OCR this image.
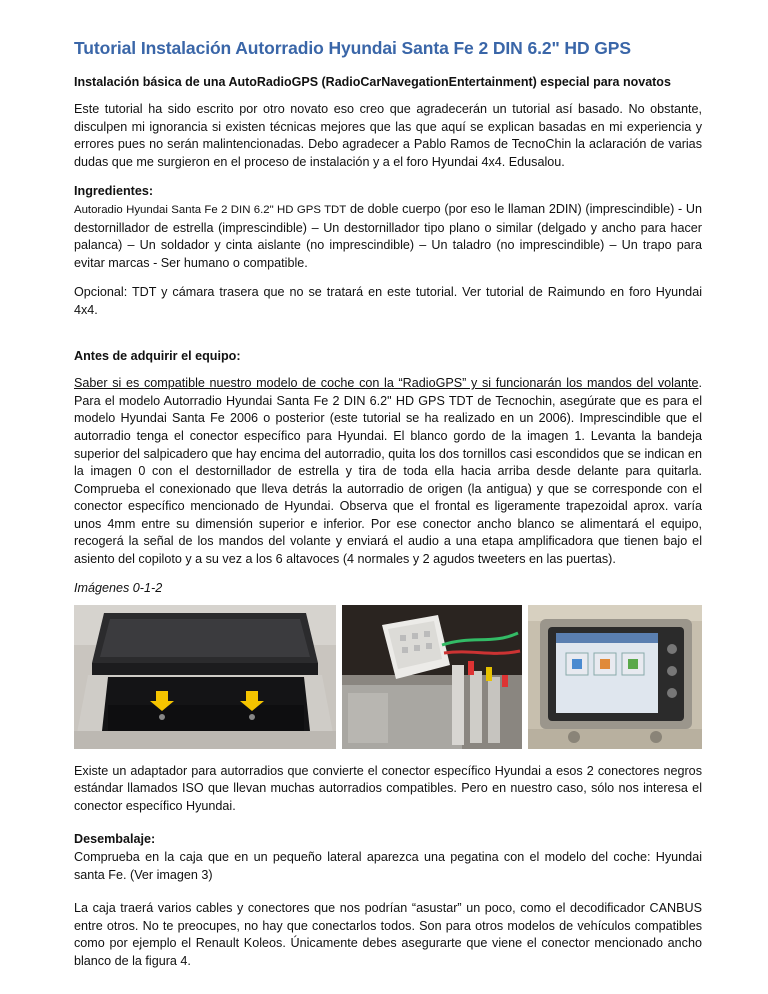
Tutorial Instalación Autorradio Hyundai Santa Fe 2 DIN 6.2" HD GPS
Instalación básica de una AutoRadioGPS (RadioCarNavegationEntertainment) especial para novatos

Este tutorial ha sido escrito por otro novato eso creo que agradecerán un tutorial así basado. No obstante, disculpen mi ignorancia si existen técnicas mejores que las que aquí se explican basadas en mi experiencia y errores pues no serán malintencionadas. Debo agradecer a Pablo Ramos de TecnoChin la aclaración de varias dudas que me surgieron en el proceso de instalación y a el foro Hyundai 4x4. Edusalou.

Ingredientes:

Autoradio Hyundai Santa Fe 2 DIN 6.2" HD GPS TDT de doble cuerpo (por eso le llaman 2DIN) (imprescindible) - Un destornillador de estrella (imprescindible) – Un destornillador tipo plano o similar (delgado y ancho para hacer palanca) – Un soldador y cinta aislante (no imprescindible) – Un taladro (no imprescindible) – Un trapo para evitar marcas - Ser humano o compatible.

Opcional: TDT y cámara trasera que no se tratará en este tutorial. Ver tutorial de Raimundo en foro Hyundai 4x4.

Antes de adquirir el equipo:

Saber si es compatible nuestro modelo de coche con la “RadioGPS” y si funcionarán los mandos del volante. Para el modelo Autorradio Hyundai Santa Fe 2 DIN 6.2" HD GPS TDT de Tecnochin, asegúrate que es para el modelo Hyundai Santa Fe 2006 o posterior (este tutorial se ha realizado en un 2006). Imprescindible que el autorradio tenga el conector específico para Hyundai. El blanco gordo de la imagen 1. Levanta la bandeja superior del salpicadero que hay encima del autorradio, quita los dos tornillos casi escondidos que se indican en la imagen 0 con el destornillador de estrella y tira de toda ella hacia arriba desde delante para quitarla. Comprueba el conexionado que lleva detrás la autorradio de origen (la antigua) y que se corresponde con el conector específico mencionado de Hyundai. Observa que el frontal es ligeramente trapezoidal aprox. varía unos 4mm entre su dimensión superior e inferior. Por ese conector ancho blanco se alimentará el equipo, recogerá la señal de los mandos del volante y enviará el audio a una etapa amplificadora que tienen bajo el asiento del copiloto y a su vez a los 6 altavoces (4 normales y 2 agudos tweeters en las puertas).

Imágenes 0-1-2

Existe un adaptador para autorradios que convierte el conector específico Hyundai a esos 2 conectores negros estándar llamados ISO que llevan muchas autorradios compatibles. Pero en nuestro caso, sólo nos interesa el conector específico Hyundai.

Desembalaje:

Comprueba en la caja que en un pequeño lateral aparezca una pegatina con el modelo del coche: Hyundai santa Fe. (Ver imagen 3)

La caja traerá varios cables y conectores que nos podrían “asustar” un poco, como el decodificador CANBUS entre otros. No te preocupes, no hay que conectarlos todos. Son para otros modelos de vehículos compatibles como por ejemplo el Renault Koleos. Únicamente debes asegurarte que viene el conector mencionado ancho blanco de la figura 4.
